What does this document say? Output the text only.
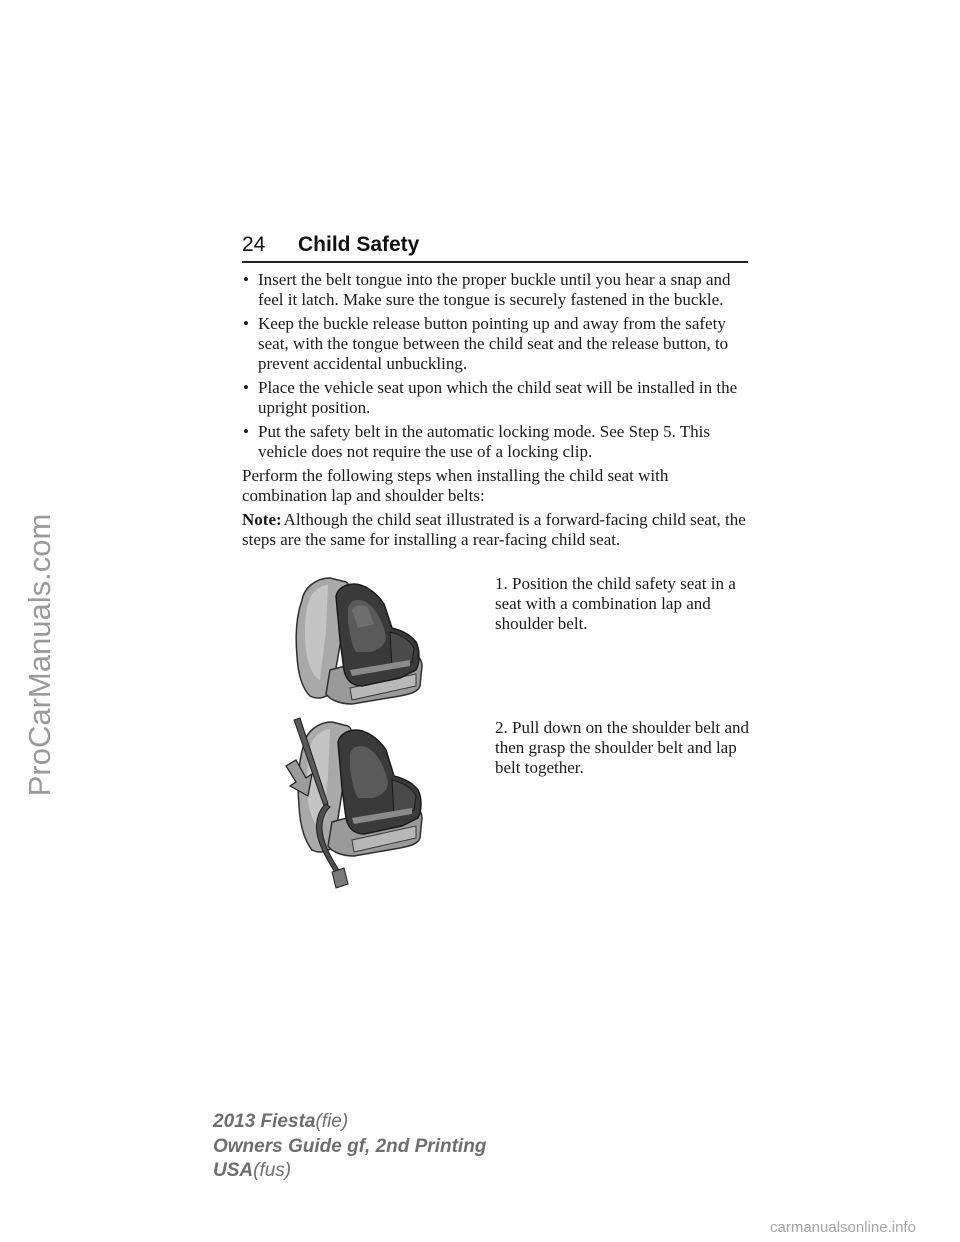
24 Child Safety
• Insert the belt tongue into the proper buckle until you hear a snap and feel it latch. Make sure the tongue is securely fastened in the buckle.
• Keep the buckle release button pointing up and away from the safety seat, with the tongue between the child seat and the release button, to prevent accidental unbuckling.
• Place the vehicle seat upon which the child seat will be installed in the upright position.
• Put the safety belt in the automatic locking mode. See Step 5. This vehicle does not require the use of a locking clip.

Perform the following steps when installing the child seat with combination lap and shoulder belts:

Note: Although the child seat illustrated is a forward-facing child seat, the steps are the same for installing a rear-facing child seat.

1. Position the child safety seat in a seat with a combination lap and shoulder belt.
2. Pull down on the shoulder belt and then grasp the shoulder belt and lap belt together.
2013 Fiesta(fie)
Owners Guide gf, 2nd Printing
USA(fus)
ProCarManuals.com
carmanualsonline.info
